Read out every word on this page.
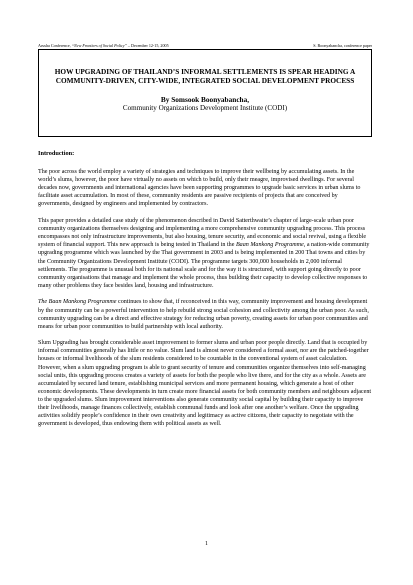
Arusha Conference, “New Frontiers of Social Policy” – December 12-15, 2005	S. Boonyabancha, conference paper
HOW UPGRADING OF THAILAND’S INFORMAL SETTLEMENTS IS SPEAR HEADING A COMMUNITY-DRIVEN, CITY-WIDE, INTEGRATED SOCIAL DEVELOPMENT PROCESS
By Somsook Boonyabancha,
Community Organizations Development Institute (CODI)
Introduction:

The poor across the world employ a variety of strategies and techniques to improve their wellbeing by accumulating assets. In the world’s slums, however, the poor have virtually no assets on which to build, only their meagre, improvised dwellings. For several decades now, governments and international agencies have been supporting programmes to upgrade basic services in urban slums to facilitate asset accumulation. In most of these, community residents are passive recipients of projects that are conceived by governments, designed by engineers and implemented by contractors.

This paper provides a detailed case study of the phenomenon described in David Satterthwaite’s chapter of large-scale urban poor community organizations themselves designing and implementing a more comprehensive community upgrading process. This process encompasses not only infrastructure improvements, but also housing, tenure security, and economic and social revival, using a flexible system of financial support. This new approach is being tested in Thailand in the Baan Mankong Programme, a nation-wide community upgrading programme which was launched by the Thai government in 2003 and is being implemented in 200 Thai towns and cities by the Community Organizations Development Institute (CODI). The programme targets 300,000 households in 2,000 informal settlements. The programme is unusual both for its national scale and for the way it is structured, with support going directly to poor community organisations that manage and implement the whole process, thus building their capacity to develop collective responses to many other problems they face besides land, housing and infrastructure.

The Baan Mankong Programme continues to show that, if reconceived in this way, community improvement and housing development by the community can be a powerful intervention to help rebuild strong social cohesion and collectivity among the urban poor. As such, community upgrading can be a direct and effective strategy for reducing urban poverty, creating assets for urban poor communities and means for urban poor communities to build partnership with local authority.

Slum Upgrading has brought considerable asset improvement to former slums and urban poor people directly. Land that is occupied by informal communities generally has little or no value. Slum land is almost never considered a formal asset, nor are the patched-together houses or informal livelihoods of the slum residents considered to be countable in the conventional system of asset calculation. However, when a slum upgrading program is able to grant security of tenure and communities organize themselves into self-managing social units, this upgrading process creates a variety of assets for both the people who live there, and for the city as a whole. Assets are accumulated by secured land tenure, establishing municipal services and more permanent housing, which generate a host of other economic developments. These developments in turn create more financial assets for both community members and neighbours adjacent to the upgraded slums. Slum improvement interventions also generate community social capital by building their capacity to improve their livelihoods, manage finances collectively, establish communal funds and look after one another’s welfare. Once the upgrading activities solidify people’s confidence in their own creativity and legitimacy as active citizens, their capacity to negotiate with the government is developed, thus endowing them with political assets as well.

1
